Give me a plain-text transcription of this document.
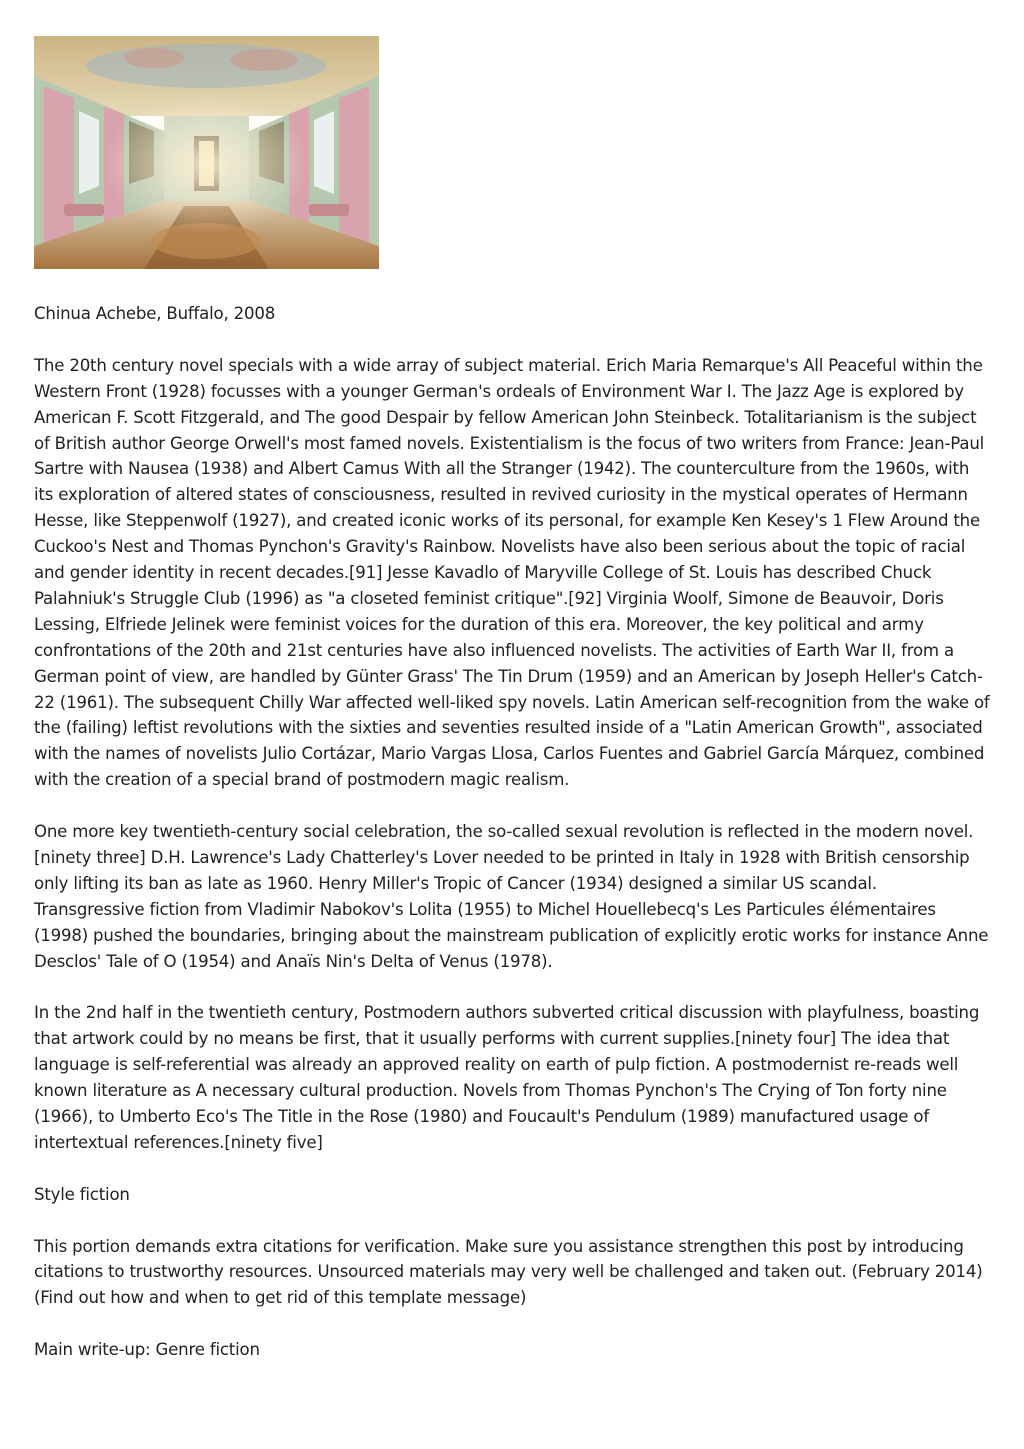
Chinua Achebe, Buffalo, 2008

The 20th century novel specials with a wide array of subject material. Erich Maria Remarque's All Peaceful within the Western Front (1928) focusses with a younger German's ordeals of Environment War I. The Jazz Age is explored by American F. Scott Fitzgerald, and The good Despair by fellow American John Steinbeck. Totalitarianism is the subject of British author George Orwell's most famed novels. Existentialism is the focus of two writers from France: Jean-Paul Sartre with Nausea (1938) and Albert Camus With all the Stranger (1942). The counterculture from the 1960s, with its exploration of altered states of consciousness, resulted in revived curiosity in the mystical operates of Hermann Hesse, like Steppenwolf (1927), and created iconic works of its personal, for example Ken Kesey's 1 Flew Around the Cuckoo's Nest and Thomas Pynchon's Gravity's Rainbow. Novelists have also been serious about the topic of racial and gender identity in recent decades.[91] Jesse Kavadlo of Maryville College of St. Louis has described Chuck Palahniuk's Struggle Club (1996) as "a closeted feminist critique".[92] Virginia Woolf, Simone de Beauvoir, Doris Lessing, Elfriede Jelinek were feminist voices for the duration of this era. Moreover, the key political and army confrontations of the 20th and 21st centuries have also influenced novelists. The activities of Earth War II, from a German point of view, are handled by Günter Grass' The Tin Drum (1959) and an American by Joseph Heller's Catch-22 (1961). The subsequent Chilly War affected well-liked spy novels. Latin American self-recognition from the wake of the (failing) leftist revolutions with the sixties and seventies resulted inside of a "Latin American Growth", associated with the names of novelists Julio Cortázar, Mario Vargas Llosa, Carlos Fuentes and Gabriel García Márquez, combined with the creation of a special brand of postmodern magic realism.

One more key twentieth-century social celebration, the so-called sexual revolution is reflected in the modern novel.[ninety three] D.H. Lawrence's Lady Chatterley's Lover needed to be printed in Italy in 1928 with British censorship only lifting its ban as late as 1960. Henry Miller's Tropic of Cancer (1934) designed a similar US scandal. Transgressive fiction from Vladimir Nabokov's Lolita (1955) to Michel Houellebecq's Les Particules élémentaires (1998) pushed the boundaries, bringing about the mainstream publication of explicitly erotic works for instance Anne Desclos' Tale of O (1954) and Anaïs Nin's Delta of Venus (1978).

In the 2nd half in the twentieth century, Postmodern authors subverted critical discussion with playfulness, boasting that artwork could by no means be first, that it usually performs with current supplies.[ninety four] The idea that language is self-referential was already an approved reality on earth of pulp fiction. A postmodernist re-reads well known literature as A necessary cultural production. Novels from Thomas Pynchon's The Crying of Ton forty nine (1966), to Umberto Eco's The Title in the Rose (1980) and Foucault's Pendulum (1989) manufactured usage of intertextual references.[ninety five]

Style fiction

This portion demands extra citations for verification. Make sure you assistance strengthen this post by introducing citations to trustworthy resources. Unsourced materials may very well be challenged and taken out. (February 2014) (Find out how and when to get rid of this template message)

Main write-up: Genre fiction
